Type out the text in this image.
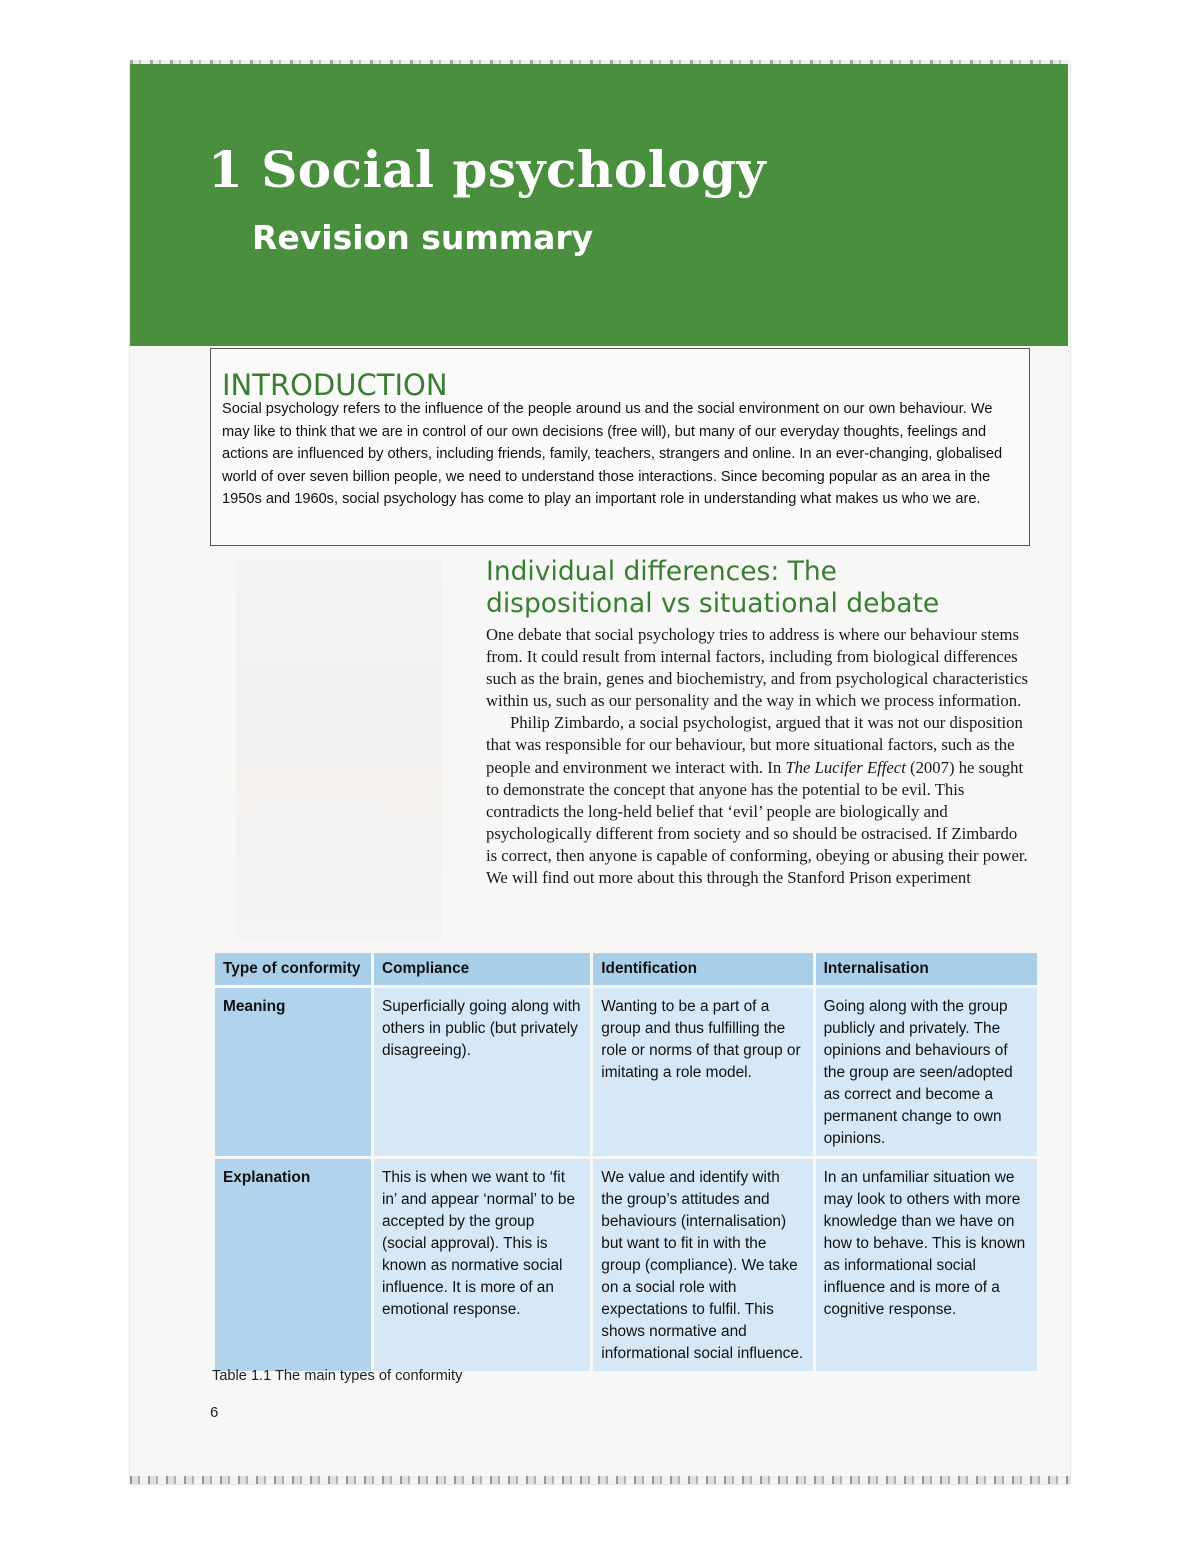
1 Social psychology
Revision summary
INTRODUCTION

Social psychology refers to the influence of the people around us and the social environment on our own behaviour. We may like to think that we are in control of our own decisions (free will), but many of our everyday thoughts, feelings and actions are influenced by others, including friends, family, teachers, strangers and online. In an ever-changing, globalised world of over seven billion people, we need to understand those interactions. Since becoming popular as an area in the 1950s and 1960s, social psychology has come to play an important role in understanding what makes us who we are.

Individual differences: The dispositional vs situational debate

One debate that social psychology tries to address is where our behaviour stems from. It could result from internal factors, including from biological differences such as the brain, genes and biochemistry, and from psychological characteristics within us, such as our personality and the way in which we process information.

Philip Zimbardo, a social psychologist, argued that it was not our disposition that was responsible for our behaviour, but more situational factors, such as the people and environment we interact with. In The Lucifer Effect (2007) he sought to demonstrate the concept that anyone has the potential to be evil. This contradicts the long-held belief that ‘evil’ people are biologically and psychologically different from society and so should be ostracised. If Zimbardo is correct, then anyone is capable of conforming, obeying or abusing their power. We will find out more about this through the Stanford Prison experiment

Type of conformity	Compliance	Identification	Internalisation
Meaning	Superficially going along with others in public (but privately disagreeing).	Wanting to be a part of a group and thus fulfilling the role or norms of that group or imitating a role model.	Going along with the group publicly and privately. The opinions and behaviours of the group are seen/adopted as correct and become a permanent change to own opinions.
Explanation	This is when we want to ‘fit in’ and appear ‘normal’ to be accepted by the group (social approval). This is known as normative social influence. It is more of an emotional response.	We value and identify with the group’s attitudes and behaviours (internalisation) but want to fit in with the group (compliance). We take on a social role with expectations to fulfil. This shows normative and informational social influence.	In an unfamiliar situation we may look to others with more knowledge than we have on how to behave. This is known as informational social influence and is more of a cognitive response.
Table 1.1 The main types of conformity
6
